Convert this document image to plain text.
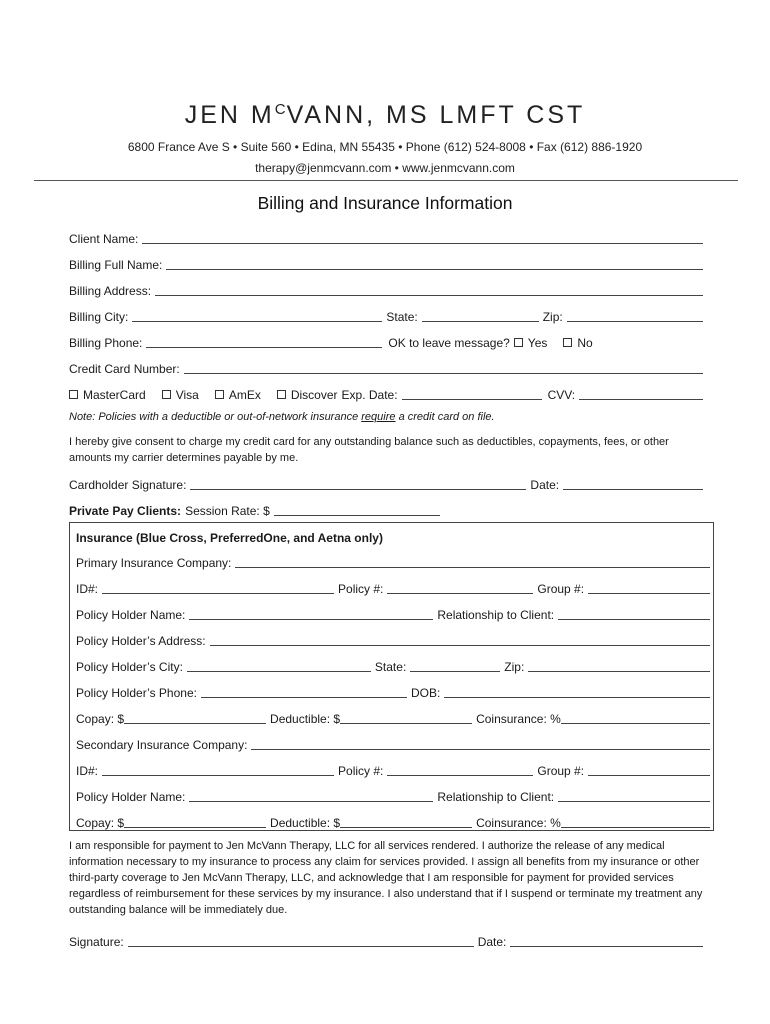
JEN $M^CVANN$, MS LMFT CST
6800 France Ave S • Suite 560 • Edina, MN 55435 • Phone (612) 524-8008 • Fax (612) 886-1920
therapy@jenmcvann.com • www.jenmcvann.com
Billing and Insurance Information
Client Name:
Billing Full Name:
Billing Address:
Billing City:	State:	Zip:
Billing Phone:	OK to leave message?	Yes	No
Credit Card Number:
MasterCard	Visa	AmEx	Discover Exp. Date:	CVV:
Note: Policies with a deductible or out-of-network insurance require a credit card on file.
I hereby give consent to charge my credit card for any outstanding balance such as deductibles, copayments, fees, or other amounts my carrier determines payable by me.
Cardholder Signature:	Date:
Private Pay Clients: Session Rate: $
Insurance (Blue Cross, PreferredOne, and Aetna only)
Primary Insurance Company:
ID#:	Policy #:	Group #:
Policy Holder Name:	Relationship to Client:
Policy Holder’s Address:
Policy Holder’s City:	State:	Zip:
Policy Holder’s Phone:	DOB:
Copay: $	Deductible: $	Coinsurance: %
Secondary Insurance Company:
ID#:	Policy #:	Group #:
Policy Holder Name:	Relationship to Client:
Copay: $	Deductible: $	Coinsurance: %
I am responsible for payment to Jen McVann Therapy, LLC for all services rendered. I authorize the release of any medical information necessary to my insurance to process any claim for services provided. I assign all benefits from my insurance or other third-party coverage to Jen McVann Therapy, LLC, and acknowledge that I am responsible for payment for provided services regardless of reimbursement for these services by my insurance. I also understand that if I suspend or terminate my treatment any outstanding balance will be immediately due.
Signature:	Date:
